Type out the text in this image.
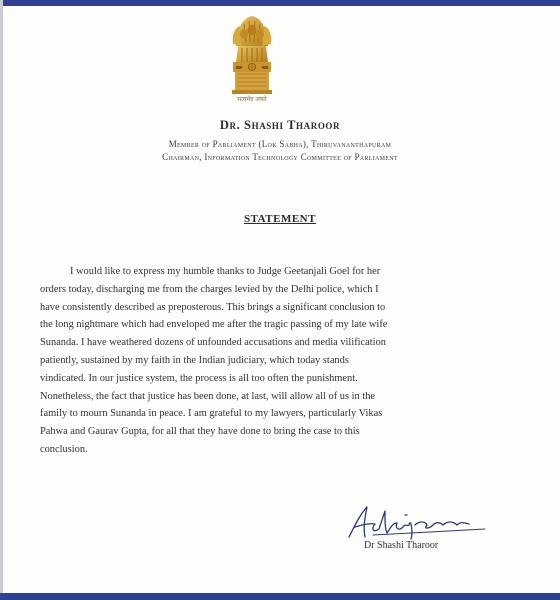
सत्यमेव जयते
Dr. Shashi Tharoor
Member of Parliament (Lok Sabha), Thiruvananthapuram
Chairman, Information Technology Committee of Parliament
STATEMENT
I would like to express my humble thanks to Judge Geetanjali Goel for her
orders today, discharging me from the charges levied by the Delhi police, which I
have consistently described as preposterous. This brings a significant conclusion to
the long nightmare which had enveloped me after the tragic passing of my late wife
Sunanda. I have weathered dozens of unfounded accusations and media vilification
patiently, sustained by my faith in the Indian judiciary, which today stands
vindicated. In our justice system, the process is all too often the punishment.
Nonetheless, the fact that justice has been done, at last, will allow all of us in the
family to mourn Sunanda in peace. I am grateful to my lawyers, particularly Vikas
Pahwa and Gaurav Gupta, for all that they have done to bring the case to this
conclusion.
Dr Shashi Tharoor
